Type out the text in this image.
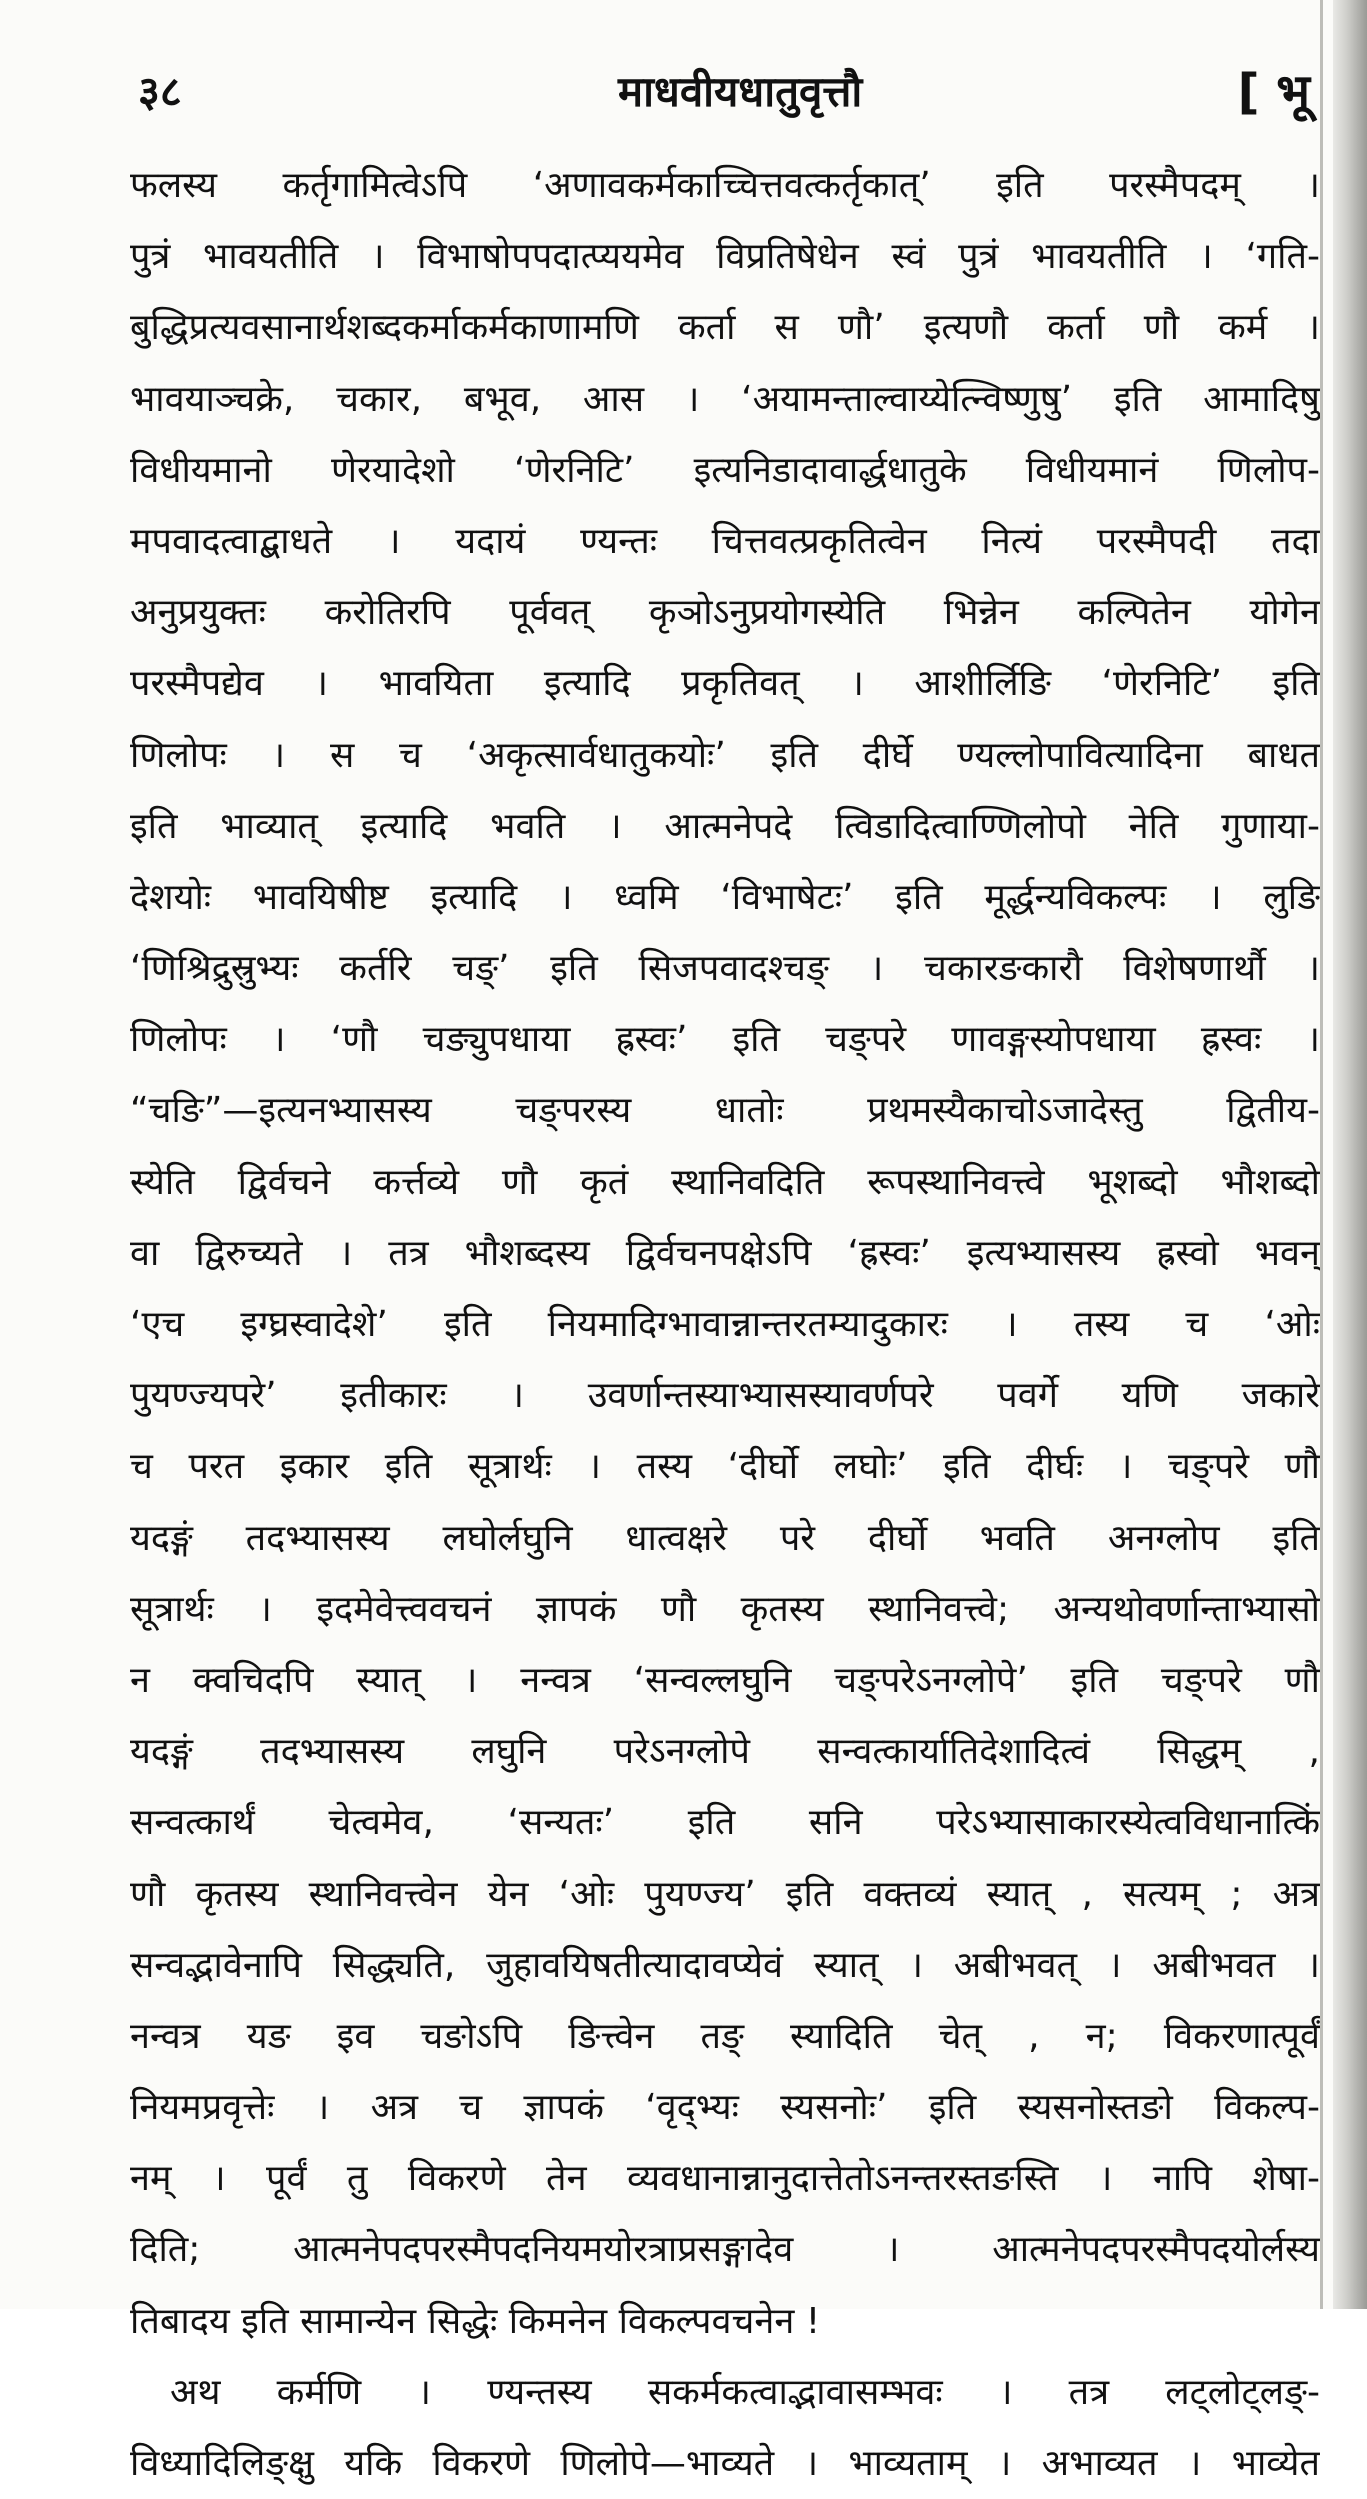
३८	माधवीयधातुवृत्तौ	[ भू
फलस्य कर्तृगामित्वेऽपि ‘अणावकर्मकाच्चित्तवत्कर्तृकात्’ इति परस्मैपदम् ।
पुत्रं भावयतीति । विभाषोपपदात्प्ययमेव विप्रतिषेधेन स्वं पुत्रं भावयतीति । ‘गति-
बुद्धिप्रत्यवसानार्थशब्दकर्माकर्मकाणामणि कर्ता स णौ’ इत्यणौ कर्ता णौ कर्म ।
भावयाञ्चक्रे, चकार, बभूव, आस । ‘अयामन्ताल्वाय्येत्न्विष्णुषु’ इति आमादिषु
विधीयमानो णेरयादेशो ‘णेरनिटि’ इत्यनिडादावार्द्धधातुके विधीयमानं णिलोप-
मपवादत्वाद्बाधते । यदायं ण्यन्तः चित्तवत्प्रकृतित्वेन नित्यं परस्मैपदी तदा
अनुप्रयुक्तः करोतिरपि पूर्ववत् कृञोऽनुप्रयोगस्येति भिन्नेन कल्पितेन योगेन
परस्मैपद्येव । भावयिता इत्यादि प्रकृतिवत् । आशीर्लिङि ‘णेरनिटि’ इति
णिलोपः । स च ‘अकृत्सार्वधातुकयोः’ इति दीर्घे ण्यल्लोपावित्यादिना बाधत
इति भाव्यात् इत्यादि भवति । आत्मनेपदे त्विडादित्वाण्णिलोपो नेति गुणाया-
देशयोः भावयिषीष्ट इत्यादि । ध्वमि ‘विभाषेटः’ इति मूर्द्धन्यविकल्पः । लुङि
‘णिश्रिद्रुस्रुभ्यः कर्तरि चङ्’ इति सिजपवादश्चङ् । चकारङकारौ विशेषणार्थौ ।
णिलोपः । ‘णौ चङ्युपधाया ह्रस्वः’ इति चङ्परे णावङ्गस्योपधाया ह्रस्वः ।
“चङि”—इत्यनभ्यासस्य चङ्परस्य धातोः प्रथमस्यैकाचोऽजादेस्तु द्वितीय-
स्येति द्विर्वचने कर्त्तव्ये णौ कृतं स्थानिवदिति रूपस्थानिवत्त्वे भूशब्दो भौशब्दो
वा द्विरुच्यते । तत्र भौशब्दस्य द्विर्वचनपक्षेऽपि ‘ह्रस्वः’ इत्यभ्यासस्य ह्रस्वो भवन्
‘एच इग्घ्रस्वादेशे’ इति नियमादिग्भावान्नान्तरतम्यादुकारः । तस्य च ‘ओः
पुयण्ज्यपरे’ इतीकारः । उवर्णान्तस्याभ्यासस्यावर्णपरे पवर्गे यणि जकारे
च परत इकार इति सूत्रार्थः । तस्य ‘दीर्घो लघोः’ इति दीर्घः । चङ्परे णौ
यदङ्गं तदभ्यासस्य लघोर्लघुनि धात्वक्षरे परे दीर्घो भवति अनग्लोप इति
सूत्रार्थः । इदमेवेत्त्ववचनं ज्ञापकं णौ कृतस्य स्थानिवत्त्वे; अन्यथोवर्णान्ताभ्यासो
न क्वचिदपि स्यात् । नन्वत्र ‘सन्वल्लघुनि चङ्परेऽनग्लोपे’ इति चङ्परे णौ
यदङ्गं तदभ्यासस्य लघुनि परेऽनग्लोपे सन्वत्कार्यातिदेशादित्वं सिद्धम् ,
सन्वत्कार्थं चेत्वमेव, ‘सन्यतः’ इति सनि परेऽभ्यासाकारस्येत्वविधानात्किं
णौ कृतस्य स्थानिवत्त्वेन येन ‘ओः पुयण्ज्य’ इति वक्तव्यं स्यात् , सत्यम् ; अत्र
सन्वद्भावेनापि सिद्ध्यति, जुहावयिषतीत्यादावप्येवं स्यात् । अबीभवत् । अबीभवत ।
नन्वत्र यङ इव चङोऽपि ङित्त्वेन तङ् स्यादिति चेत् , न; विकरणात्पूर्वं
नियमप्रवृत्तेः । अत्र च ज्ञापकं ‘वृद्भ्यः स्यसनोः’ इति स्यसनोस्तङो विकल्प-
नम् । पूर्वं तु विकरणे तेन व्यवधानान्नानुदात्तेतोऽनन्तरस्तङस्ति । नापि शेषा-
दिति; आत्मनेपदपरस्मैपदनियमयोरत्राप्रसङ्गादेव । आत्मनेपदपरस्मैपदयोर्लस्य
तिबादय इति सामान्येन सिद्धेः किमनेन विकल्पवचनेन !
अथ कर्मणि । ण्यन्तस्य सकर्मकत्वाद्भावासम्भवः । तत्र लट्लोट्लङ्-
विध्यादिलिङ्क्षु यकि विकरणे णिलोपे—भाव्यते । भाव्यताम् । अभाव्यत । भाव्येत
